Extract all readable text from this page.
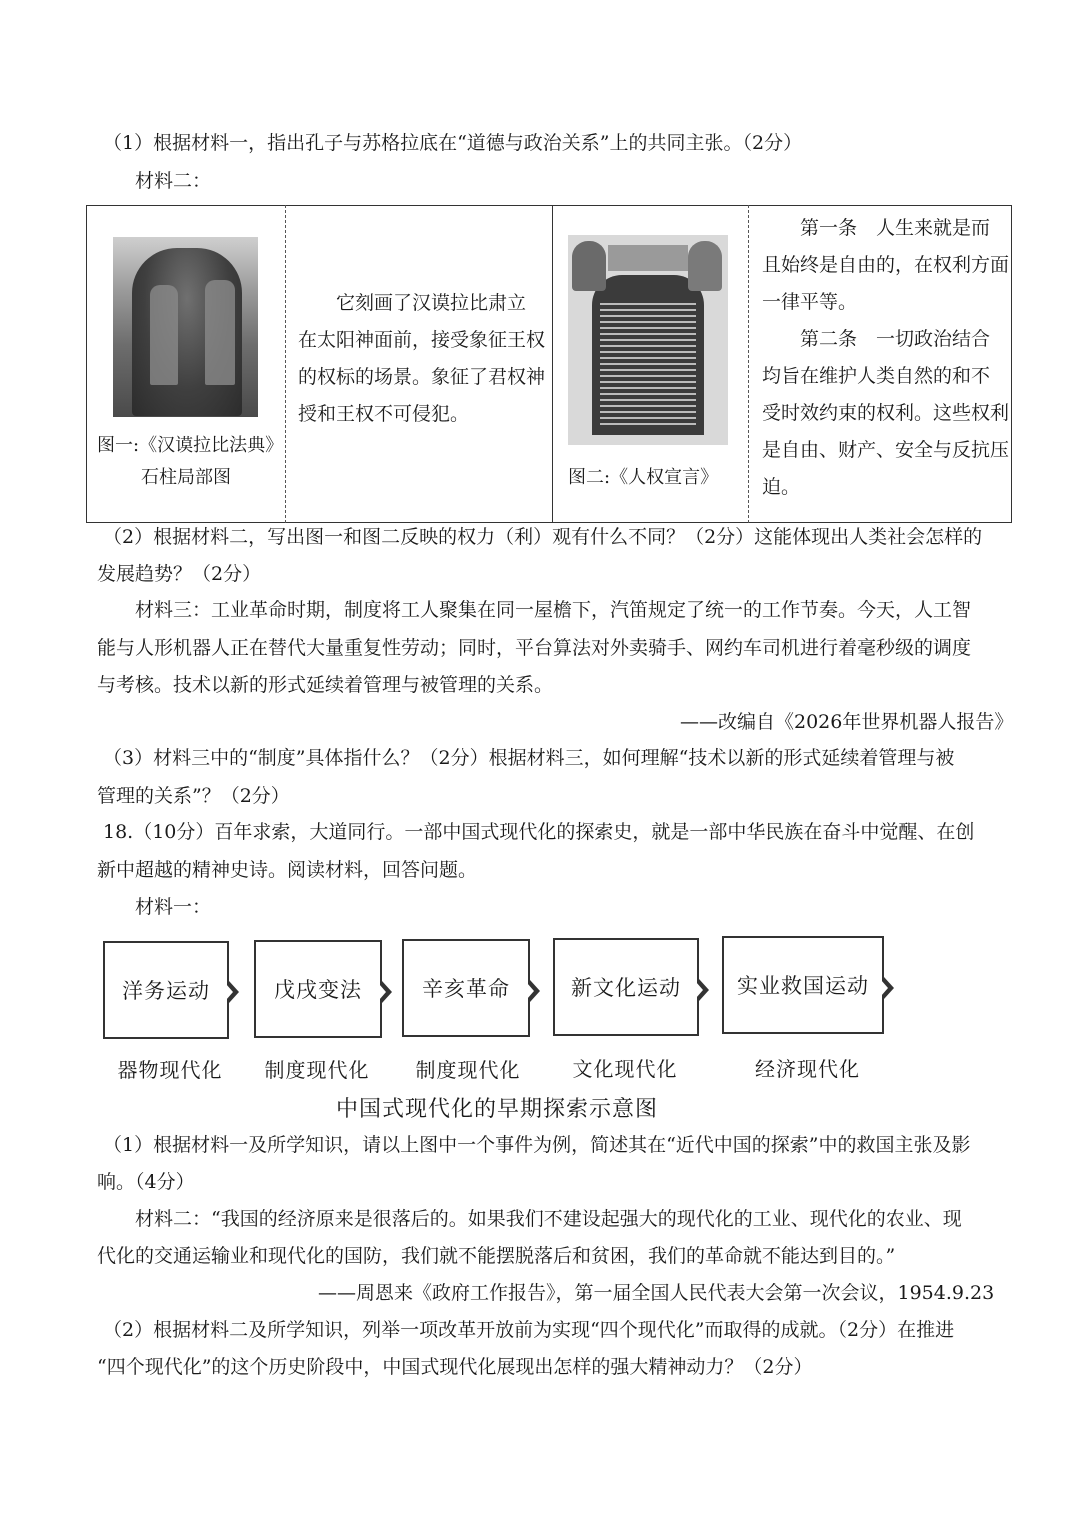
（1）根据材料一，指出孔子与苏格拉底在“道德与政治关系”上的共同主张。（2分）
材料二：
图一:《汉谟拉比法典》
石柱局部图
它刻画了汉谟拉比肃立
在太阳神面前，接受象征王权
的权标的场景。象征了君权神
授和王权不可侵犯。
图二:《人权宣言》
第一条　人生来就是而
且始终是自由的，在权利方面
一律平等。
第二条　一切政治结合
均旨在维护人类自然的和不
受时效约束的权利。这些权利
是自由、财产、安全与反抗压
迫。
（2）根据材料二，写出图一和图二反映的权力（利）观有什么不同？（2分）这能体现出人类社会怎样的
发展趋势？（2分）
材料三：工业革命时期，制度将工人聚集在同一屋檐下，汽笛规定了统一的工作节奏。今天，人工智
能与人形机器人正在替代大量重复性劳动；同时，平台算法对外卖骑手、网约车司机进行着毫秒级的调度
与考核。技术以新的形式延续着管理与被管理的关系。
——改编自《2026年世界机器人报告》
（3）材料三中的“制度”具体指什么？（2分）根据材料三，如何理解“技术以新的形式延续着管理与被
管理的关系”？（2分）
18.（10分）百年求索，大道同行。一部中国式现代化的探索史，就是一部中华民族在奋斗中觉醒、在创
新中超越的精神史诗。阅读材料，回答问题。
材料一：
洋务运动	戊戌变法	辛亥革命	新文化运动	实业救国运动
器物现代化	制度现代化	制度现代化	文化现代化	经济现代化
中国式现代化的早期探索示意图
（1）根据材料一及所学知识，请以上图中一个事件为例，简述其在“近代中国的探索”中的救国主张及影
响。（4分）
材料二：“我国的经济原来是很落后的。如果我们不建设起强大的现代化的工业、现代化的农业、现
代化的交通运输业和现代化的国防，我们就不能摆脱落后和贫困，我们的革命就不能达到目的。”
——周恩来《政府工作报告》，第一届全国人民代表大会第一次会议，1954.9.23
（2）根据材料二及所学知识，列举一项改革开放前为实现“四个现代化”而取得的成就。（2分）在推进
“四个现代化”的这个历史阶段中，中国式现代化展现出怎样的强大精神动力？（2分）
